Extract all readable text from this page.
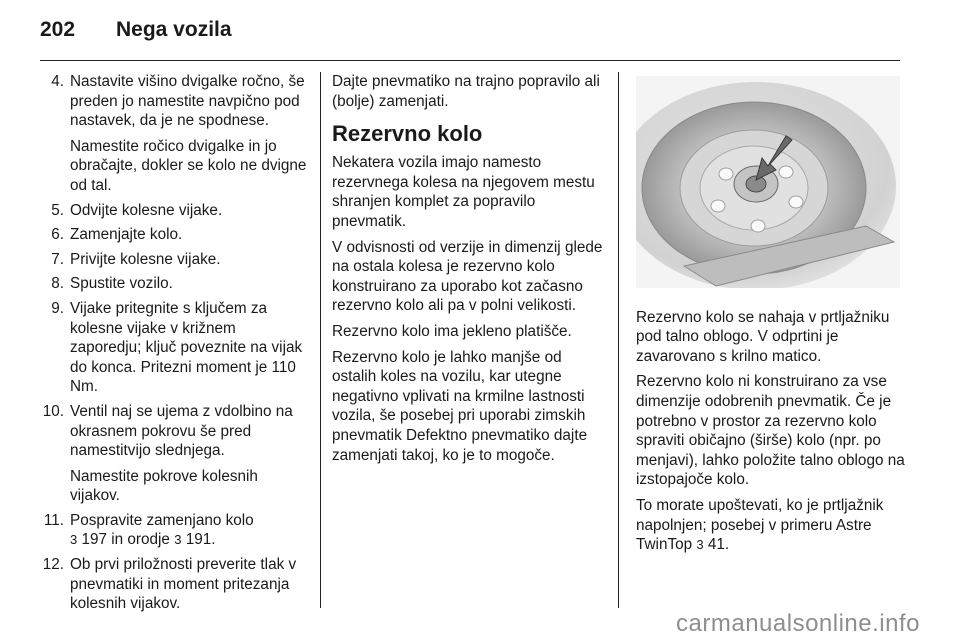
202	Nega vozila
4. Nastavite višino dvigalke ročno, še preden jo namestite navpično pod nastavek, da je ne spodnese.

Namestite ročico dvigalke in jo obračajte, dokler se kolo ne dvigne od tal.

5. Odvijte kolesne vijake.

6. Zamenjajte kolo.

7. Privijte kolesne vijake.

8. Spustite vozilo.

9. Vijake pritegnite s ključem za kolesne vijake v križnem zaporedju; ključ poveznite na vijak do konca. Pritezni moment je 110 Nm.

10. Ventil naj se ujema z vdolbino na okrasnem pokrovu še pred namestitvijo slednjega.

Namestite pokrove kolesnih vijakov.

11. Pospravite zamenjano kolo
3 197 in orodje 3 191.

12. Ob prvi priložnosti preverite tlak v pnevmatiki in moment pritezanja kolesnih vijakov.

Dajte pnevmatiko na trajno popravilo ali (bolje) zamenjati.

Rezervno kolo

Nekatera vozila imajo namesto rezervnega kolesa na njegovem mestu shranjen komplet za popravilo pnevmatik.

V odvisnosti od verzije in dimenzij glede na ostala kolesa je rezervno kolo konstruirano za uporabo kot začasno rezervno kolo ali pa v polni velikosti.

Rezervno kolo ima jekleno platišče.

Rezervno kolo je lahko manjše od ostalih koles na vozilu, kar utegne negativno vplivati na krmilne lastnosti vozila, še posebej pri uporabi zimskih pnevmatik Defektno pnevmatiko dajte zamenjati takoj, ko je to mogoče.

Rezervno kolo se nahaja v prtljažniku pod talno oblogo. V odprtini je zavarovano s krilno matico.

Rezervno kolo ni konstruirano za vse dimenzije odobrenih pnevmatik. Če je potrebno v prostor za rezervno kolo spraviti običajno (širše) kolo (npr. po menjavi), lahko položite talno oblogo na izstopajoče kolo.

To morate upoštevati, ko je prtljažnik napolnjen; posebej v primeru Astre TwinTop 3 41.

carmanualsonline.info
